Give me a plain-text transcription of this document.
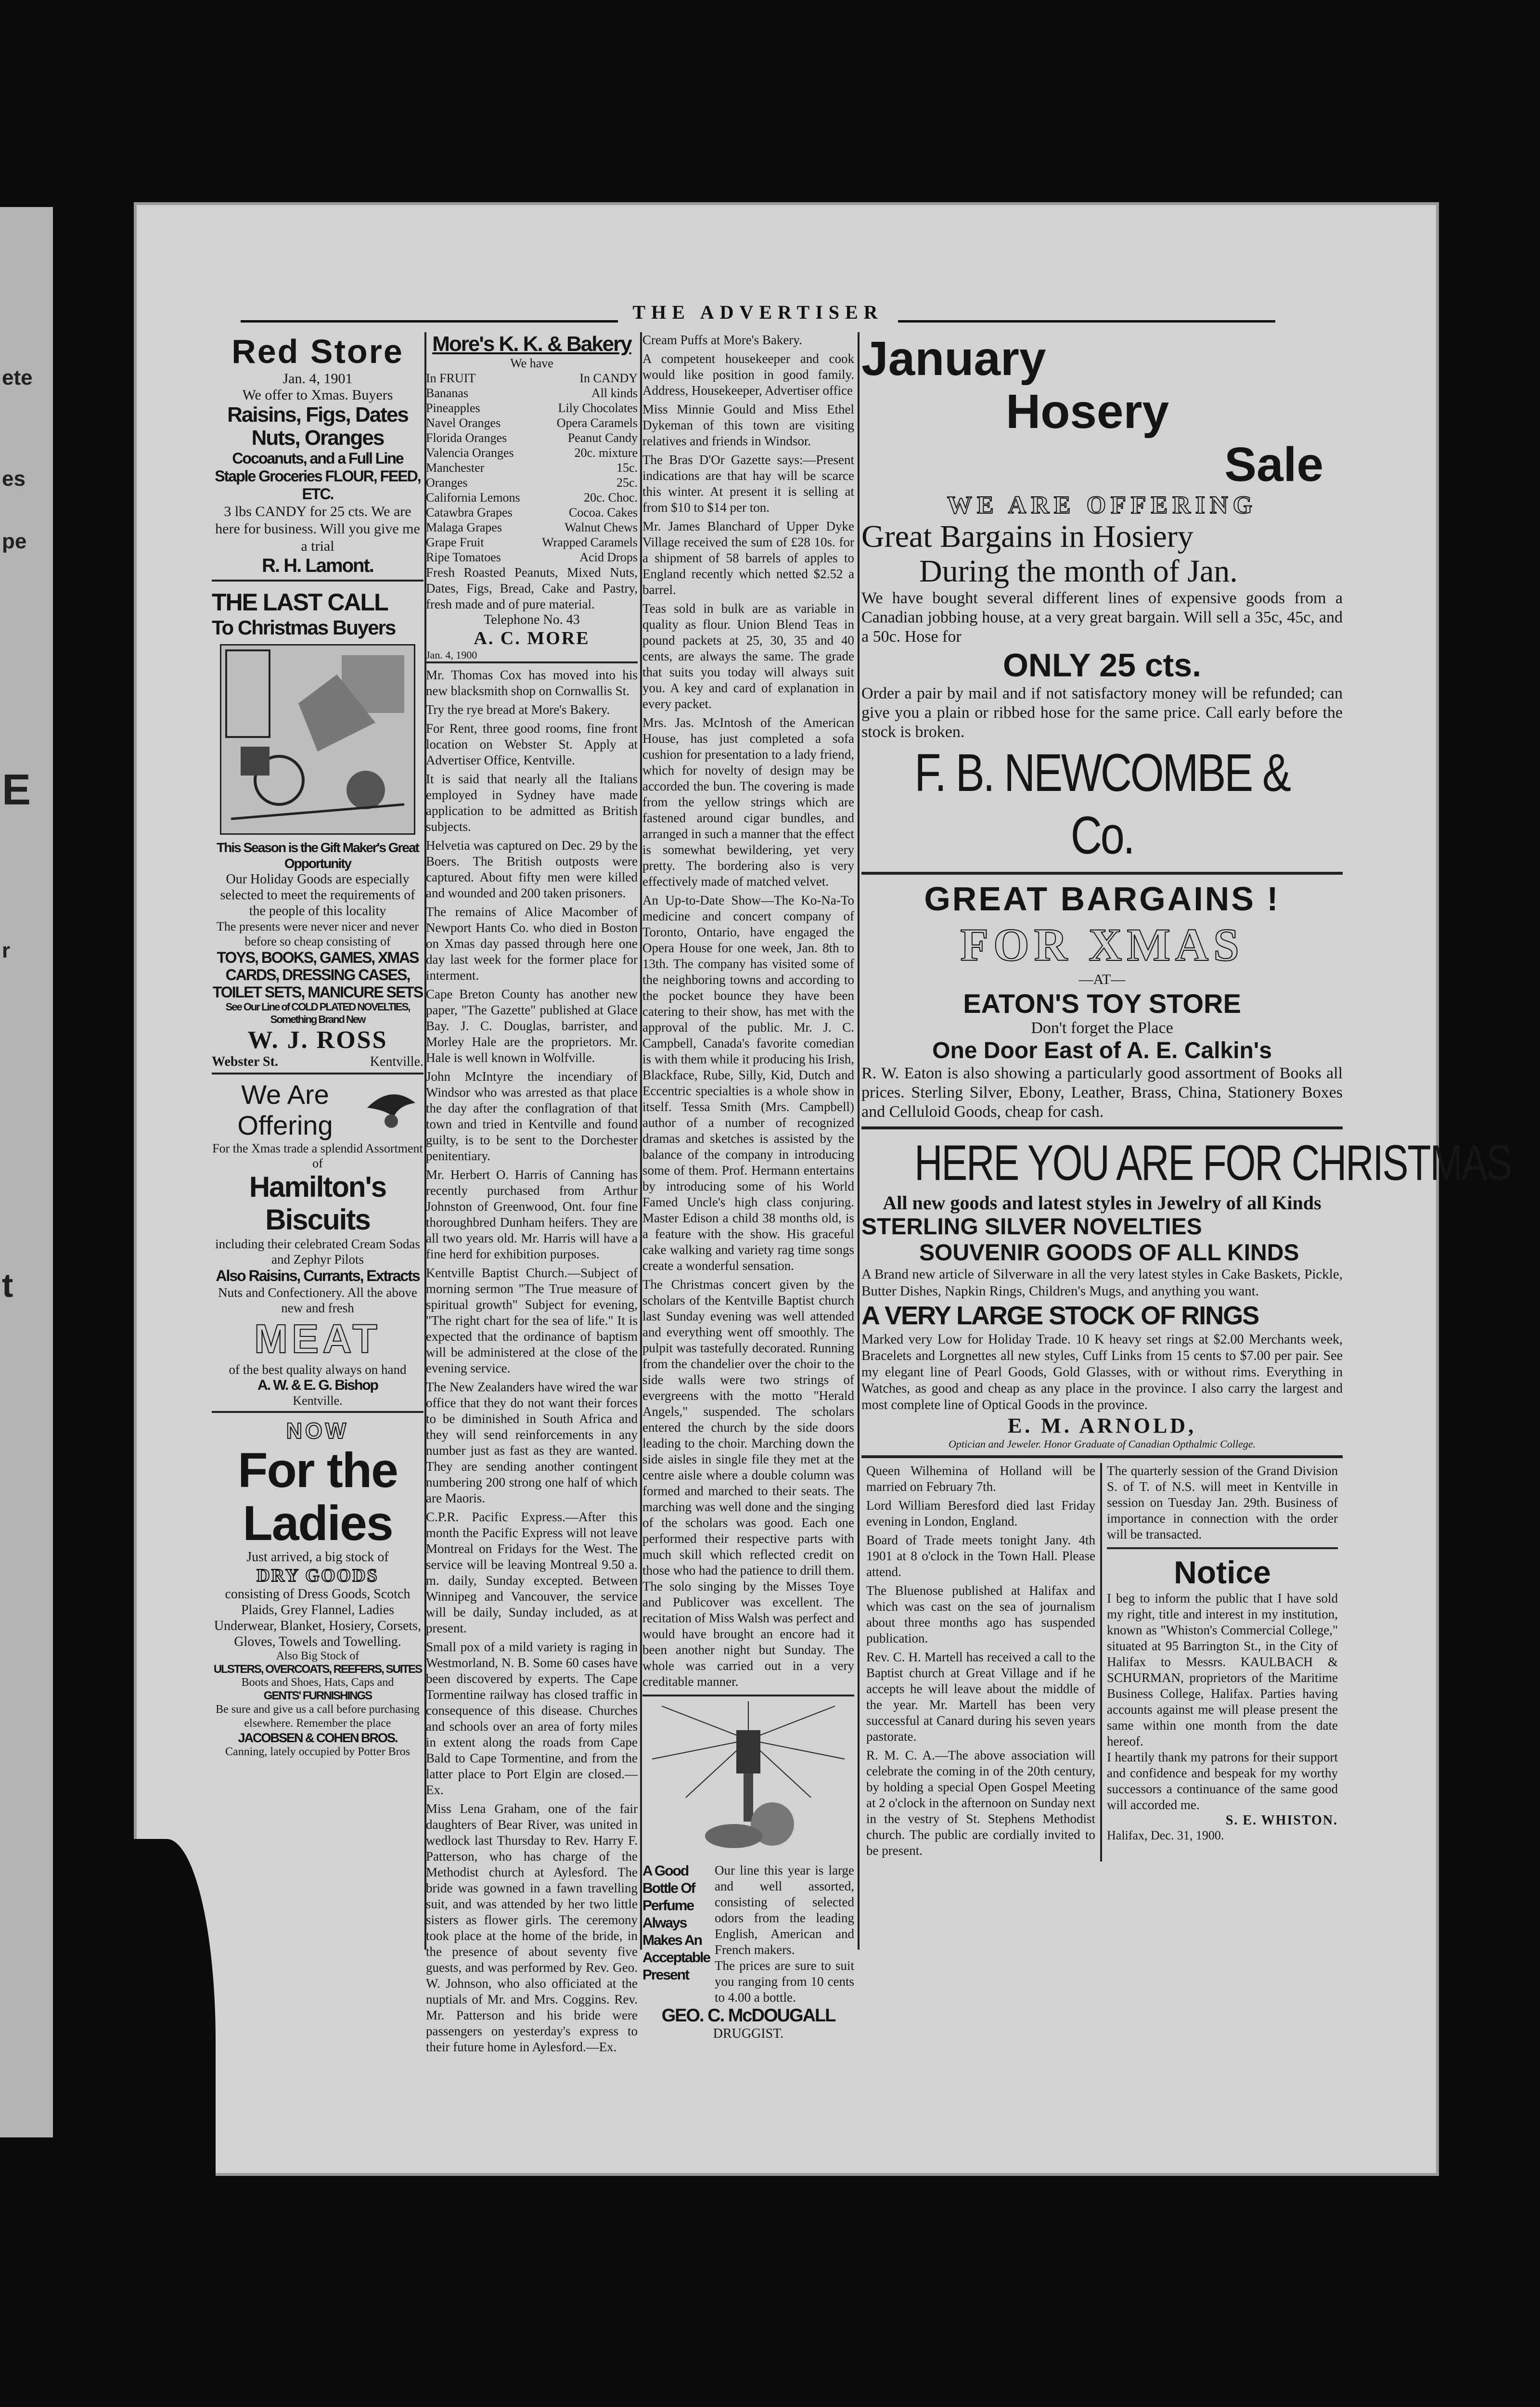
ete
es
pe
E
r
t
THE ADVERTISER
Red Store
Jan. 4, 1901
We offer to Xmas. Buyers
Raisins, Figs, Dates Nuts, Oranges
Cocoanuts, and a Full Line Staple Groceries FLOUR, FEED, ETC.
3 lbs CANDY for 25 cts. We are here for business. Will you give me a trial
R. H. Lamont.
THE LAST CALL
To Christmas Buyers
This Season is the Gift Maker's Great Opportunity
Our Holiday Goods are especially selected to meet the requirements of the people of this locality
The presents were never nicer and never before so cheap consisting of
TOYS, BOOKS, GAMES, XMAS CARDS, DRESSING CASES, TOILET SETS, MANICURE SETS
See Our Line of COLD PLATED NOVELTIES, Something Brand New
W. J. ROSS
Webster St.	Kentville.
We Are Offering
For the Xmas trade a splendid Assortment of
Hamilton's Biscuits
including their celebrated Cream Sodas and Zephyr Pilots
Also Raisins, Currants, Extracts
Nuts and Confectionery. All the above new and fresh
MEAT
of the best quality always on hand
A. W. & E. G. Bishop
Kentville.
NOW
For the Ladies
Just arrived, a big stock of
DRY GOODS
consisting of Dress Goods, Scotch Plaids, Grey Flannel, Ladies Underwear, Blanket, Hosiery, Corsets, Gloves, Towels and Towelling.
Also Big Stock of
ULSTERS, OVERCOATS, REEFERS, SUITES
Boots and Shoes, Hats, Caps and
GENTS' FURNISHINGS
Be sure and give us a call before purchasing elsewhere. Remember the place
JACOBSEN & COHEN BROS.
Canning, lately occupied by Potter Bros
More's K. K. & Bakery
We have
In FRUIT
Bananas
Pineapples
Navel Oranges
Florida Oranges
Valencia Oranges
Manchester Oranges
California Lemons
Catawbra Grapes
Malaga Grapes
Grape Fruit
Ripe Tomatoes
In CANDY
All kinds
Lily Chocolates
Opera Caramels
Peanut Candy
20c. mixture
15c.
25c.
20c. Choc.
Cocoa. Cakes
Walnut Chews
Wrapped Caramels
Acid Drops
Fresh Roasted Peanuts, Mixed Nuts, Dates, Figs, Bread, Cake and Pastry, fresh made and of pure material.
Telephone No. 43
A. C. MORE
Jan. 4, 1900

Mr. Thomas Cox has moved into his new blacksmith shop on Cornwallis St.

Try the rye bread at More's Bakery.

For Rent, three good rooms, fine front location on Webster St. Apply at Advertiser Office, Kentville.

It is said that nearly all the Italians employed in Sydney have made application to be admitted as British subjects.

Helvetia was captured on Dec. 29 by the Boers. The British outposts were captured. About fifty men were killed and wounded and 200 taken prisoners.

The remains of Alice Macomber of Newport Hants Co. who died in Boston on Xmas day passed through here one day last week for the former place for interment.

Cape Breton County has another new paper, "The Gazette" published at Glace Bay. J. C. Douglas, barrister, and Morley Hale are the proprietors. Mr. Hale is well known in Wolfville.

John McIntyre the incendiary of Windsor who was arrested as that place the day after the conflagration of that town and tried in Kentville and found guilty, is to be sent to the Dorchester penitentiary.

Mr. Herbert O. Harris of Canning has recently purchased from Arthur Johnston of Greenwood, Ont. four fine thoroughbred Dunham heifers. They are all two years old. Mr. Harris will have a fine herd for exhibition purposes.

Kentville Baptist Church.—Subject of morning sermon "The True measure of spiritual growth" Subject for evening, "The right chart for the sea of life." It is expected that the ordinance of baptism will be administered at the close of the evening service.

The New Zealanders have wired the war office that they do not want their forces to be diminished in South Africa and they will send reinforcements in any number just as fast as they are wanted. They are sending another contingent numbering 200 strong one half of which are Maoris.

C.P.R. Pacific Express.—After this month the Pacific Express will not leave Montreal on Fridays for the West. The service will be leaving Montreal 9.50 a. m. daily, Sunday excepted. Between Winnipeg and Vancouver, the service will be daily, Sunday included, as at present.

Small pox of a mild variety is raging in Westmorland, N. B. Some 60 cases have been discovered by experts. The Cape Tormentine railway has closed traffic in consequence of this disease. Churches and schools over an area of forty miles in extent along the roads from Cape Bald to Cape Tormentine, and from the latter place to Port Elgin are closed.—Ex.

Miss Lena Graham, one of the fair daughters of Bear River, was united in wedlock last Thursday to Rev. Harry F. Patterson, who has charge of the Methodist church at Aylesford. The bride was gowned in a fawn travelling suit, and was attended by her two little sisters as flower girls. The ceremony took place at the home of the bride, in the presence of about seventy five guests, and was performed by Rev. Geo. W. Johnson, who also officiated at the nuptials of Mr. and Mrs. Coggins. Rev. Mr. Patterson and his bride were passengers on yesterday's express to their future home in Aylesford.—Ex.

Cream Puffs at More's Bakery.

A competent housekeeper and cook would like position in good family. Address, Housekeeper, Advertiser office

Miss Minnie Gould and Miss Ethel Dykeman of this town are visiting relatives and friends in Windsor.

The Bras D'Or Gazette says:—Present indications are that hay will be scarce this winter. At present it is selling at from $10 to $14 per ton.

Mr. James Blanchard of Upper Dyke Village received the sum of £28 10s. for a shipment of 58 barrels of apples to England recently which netted $2.52 a barrel.

Teas sold in bulk are as variable in quality as flour. Union Blend Teas in pound packets at 25, 30, 35 and 40 cents, are always the same. The grade that suits you today will always suit you. A key and card of explanation in every packet.

Mrs. Jas. McIntosh of the American House, has just completed a sofa cushion for presentation to a lady friend, which for novelty of design may be accorded the bun. The covering is made from the yellow strings which are fastened around cigar bundles, and arranged in such a manner that the effect is somewhat bewildering, yet very pretty. The bordering also is very effectively made of matched velvet.

An Up-to-Date Show—The Ko-Na-To medicine and concert company of Toronto, Ontario, have engaged the Opera House for one week, Jan. 8th to 13th. The company has visited some of the neighboring towns and according to the pocket bounce they have been catering to their show, has met with the approval of the public. Mr. J. C. Campbell, Canada's favorite comedian is with them while it producing his Irish, Blackface, Rube, Silly, Kid, Dutch and Eccentric specialties is a whole show in itself. Tessa Smith (Mrs. Campbell) author of a number of recognized dramas and sketches is assisted by the balance of the company in introducing some of them. Prof. Hermann entertains by introducing some of his World Famed Uncle's high class conjuring. Master Edison a child 38 months old, is a feature with the show. His graceful cake walking and variety rag time songs create a wonderful sensation.

The Christmas concert given by the scholars of the Kentville Baptist church last Sunday evening was well attended and everything went off smoothly. The pulpit was tastefully decorated. Running from the chandelier over the choir to the side walls were two strings of evergreens with the motto "Herald Angels," suspended. The scholars entered the church by the side doors leading to the choir. Marching down the side aisles in single file they met at the centre aisle where a double column was formed and marched to their seats. The marching was well done and the singing of the scholars was good. Each one performed their respective parts with much skill which reflected credit on those who had the patience to drill them. The solo singing by the Misses Toye and Publicover was excellent. The recitation of Miss Walsh was perfect and would have brought an encore had it been another night but Sunday. The whole was carried out in a very creditable manner.

A Good Bottle Of Perfume Always Makes An Acceptable Present
Our line this year is large and well assorted, consisting of selected odors from the leading English, American and French makers.
The prices are sure to suit you ranging from 10 cents to 4.00 a bottle.
GEO. C. McDOUGALL
DRUGGIST.
January
Hosery
Sale
WE ARE OFFERING
Great Bargains in Hosiery
During the month of Jan.
We have bought several different lines of expensive goods from a Canadian jobbing house, at a very great bargain. Will sell a 35c, 45c, and a 50c. Hose for
ONLY 25 cts.
Order a pair by mail and if not satisfactory money will be refunded; can give you a plain or ribbed hose for the same price. Call early before the stock is broken.
F. B. NEWCOMBE & Co.
GREAT BARGAINS !
FOR XMAS
—AT—
EATON'S TOY STORE
Don't forget the Place
One Door East of A. E. Calkin's
R. W. Eaton is also showing a particularly good assortment of Books all prices. Sterling Silver, Ebony, Leather, Brass, China, Stationery Boxes and Celluloid Goods, cheap for cash.
HERE YOU ARE FOR CHRISTMAS
All new goods and latest styles in Jewelry of all Kinds
STERLING SILVER NOVELTIES
SOUVENIR GOODS OF ALL KINDS
A Brand new article of Silverware in all the very latest styles in Cake Baskets, Pickle, Butter Dishes, Napkin Rings, Children's Mugs, and anything you want.
A VERY LARGE STOCK OF RINGS
Marked very Low for Holiday Trade. 10 K heavy set rings at $2.00 Merchants week, Bracelets and Lorgnettes all new styles, Cuff Links from 15 cents to $7.00 per pair. See my elegant line of Pearl Goods, Gold Glasses, with or without rims. Everything in Watches, as good and cheap as any place in the province. I also carry the largest and most complete line of Optical Goods in the province.
E. M. ARNOLD,
Optician and Jeweler. Honor Graduate of Canadian Opthalmic College.

Queen Wilhemina of Holland will be married on February 7th.

Lord William Beresford died last Friday evening in London, England.

Board of Trade meets tonight Jany. 4th 1901 at 8 o'clock in the Town Hall. Please attend.

The Bluenose published at Halifax and which was cast on the sea of journalism about three months ago has suspended publication.

Rev. C. H. Martell has received a call to the Baptist church at Great Village and if he accepts he will leave about the middle of the year. Mr. Martell has been very successful at Canard during his seven years pastorate.

R. M. C. A.—The above association will celebrate the coming in of the 20th century, by holding a special Open Gospel Meeting at 2 o'clock in the afternoon on Sunday next in the vestry of St. Stephens Methodist church. The public are cordially invited to be present.

The quarterly session of the Grand Division S. of T. of N.S. will meet in Kentville in session on Tuesday Jan. 29th. Business of importance in connection with the order will be transacted.
Notice
I beg to inform the public that I have sold my right, title and interest in my institution, known as "Whiston's Commercial College," situated at 95 Barrington St., in the City of Halifax to Messrs. KAULBACH & SCHURMAN, proprietors of the Maritime Business College, Halifax. Parties having accounts against me will please present the same within one month from the date hereof.
I heartily thank my patrons for their support and confidence and bespeak for my worthy successors a continuance of the same good will accorded me.
S. E. WHISTON.
Halifax, Dec. 31, 1900.
